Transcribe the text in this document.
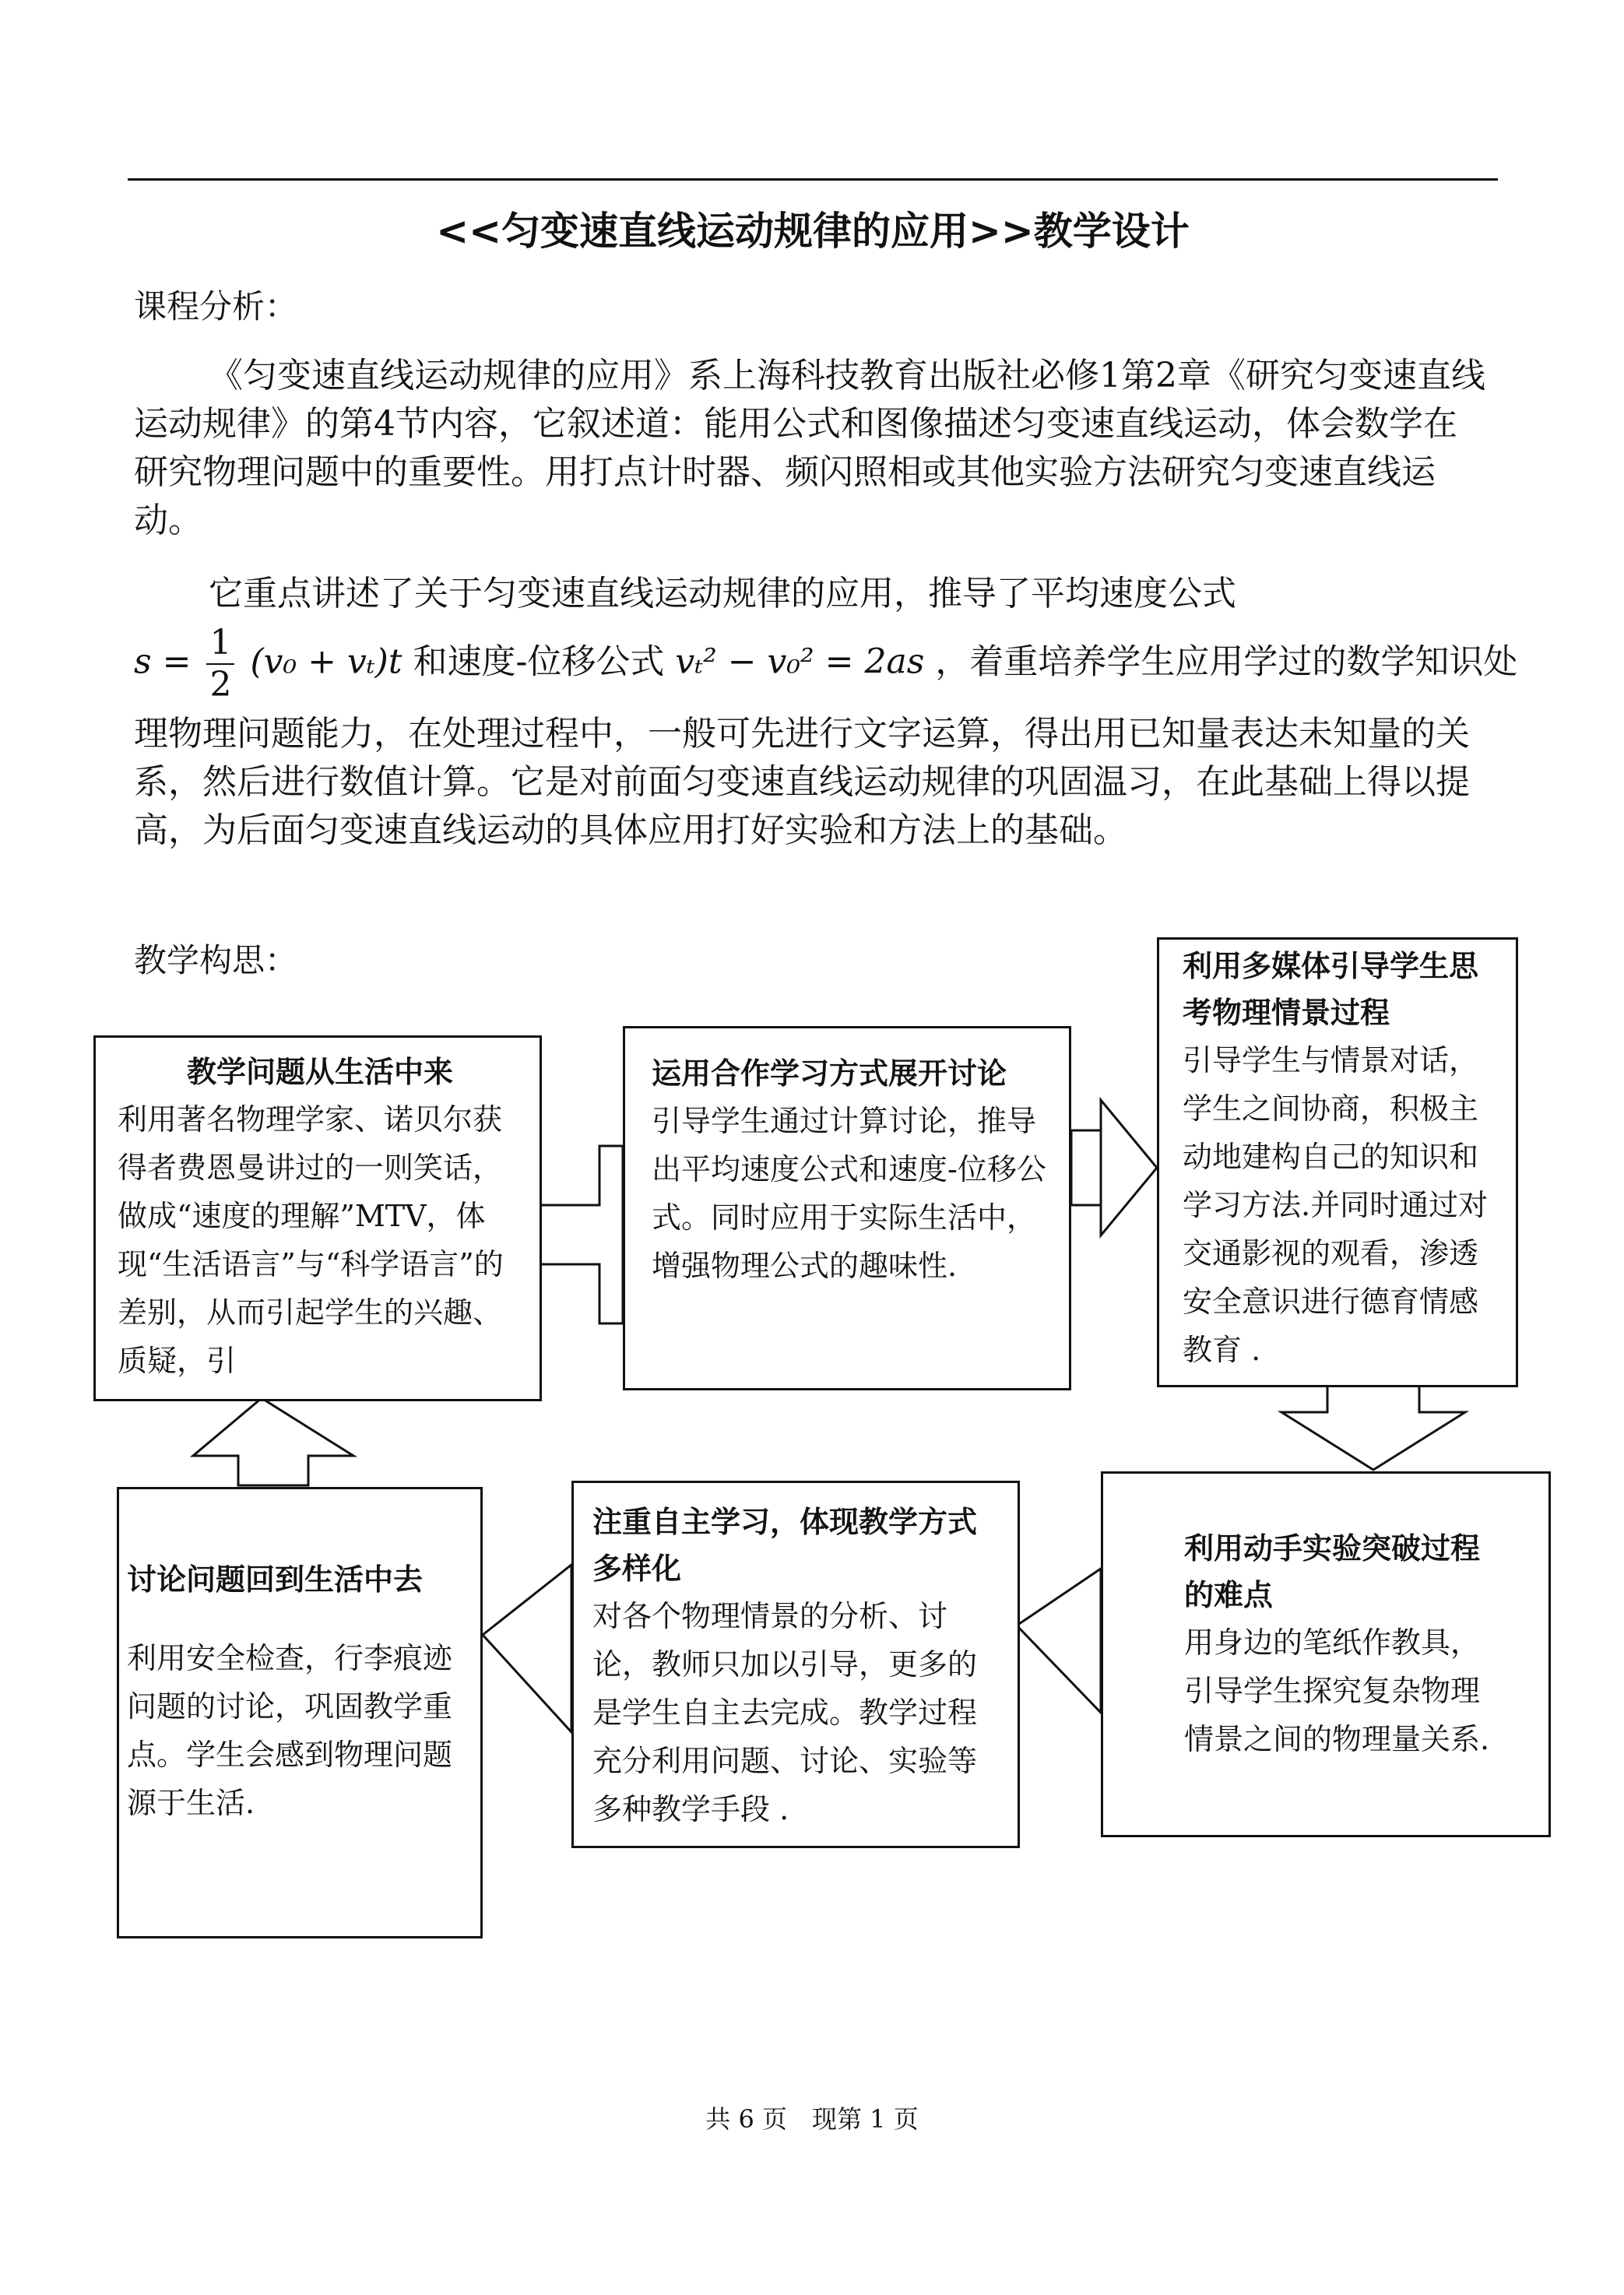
<<匀变速直线运动规律的应用>>教学设计
课程分析：
《匀变速直线运动规律的应用》系上海科技教育出版社必修1第2章《研究匀变速直线运动规律》的第4节内容，它叙述道：能用公式和图像描述匀变速直线运动，体会数学在研究物理问题中的重要性。用打点计时器、频闪照相或其他实验方法研究匀变速直线运动。
它重点讲述了关于匀变速直线运动规律的应用，推导了平均速度公式
$s = \frac{1}{2} (v_0 + v_t)t$ 和速度-位移公式 vₜ² − v₀² = 2as ，着重培养学生应用学过的数学知识处
理物理问题能力，在处理过程中，一般可先进行文字运算，得出用已知量表达未知量的关系，然后进行数值计算。它是对前面匀变速直线运动规律的巩固温习，在此基础上得以提高，为后面匀变速直线运动的具体应用打好实验和方法上的基础。
教学构思：
教学问题从生活中来
利用著名物理学家、诺贝尔获得者费恩曼讲过的一则笑话，做成“速度的理解”MTV，体现“生活语言”与“科学语言”的差别，从而引起学生的兴趣、质疑，引
运用合作学习方式展开讨论
引导学生通过计算讨论，推导出平均速度公式和速度-位移公式。同时应用于实际生活中，增强物理公式的趣味性.
利用多媒体引导学生思考物理情景过程
引导学生与情景对话，学生之间协商，积极主动地建构自己的知识和学习方法.并同时通过对交通影视的观看，渗透安全意识进行德育情感教育 .
利用动手实验突破过程的难点
用身边的笔纸作教具，引导学生探究复杂物理情景之间的物理量关系.
注重自主学习，体现教学方式多样化
对各个物理情景的分析、讨论，教师只加以引导，更多的是学生自主去完成。教学过程充分利用问题、讨论、实验等多种教学手段 .
讨论问题回到生活中去
利用安全检查，行李痕迹问题的讨论，巩固教学重点。学生会感到物理问题源于生活.
共 6 页　现第 1 页
